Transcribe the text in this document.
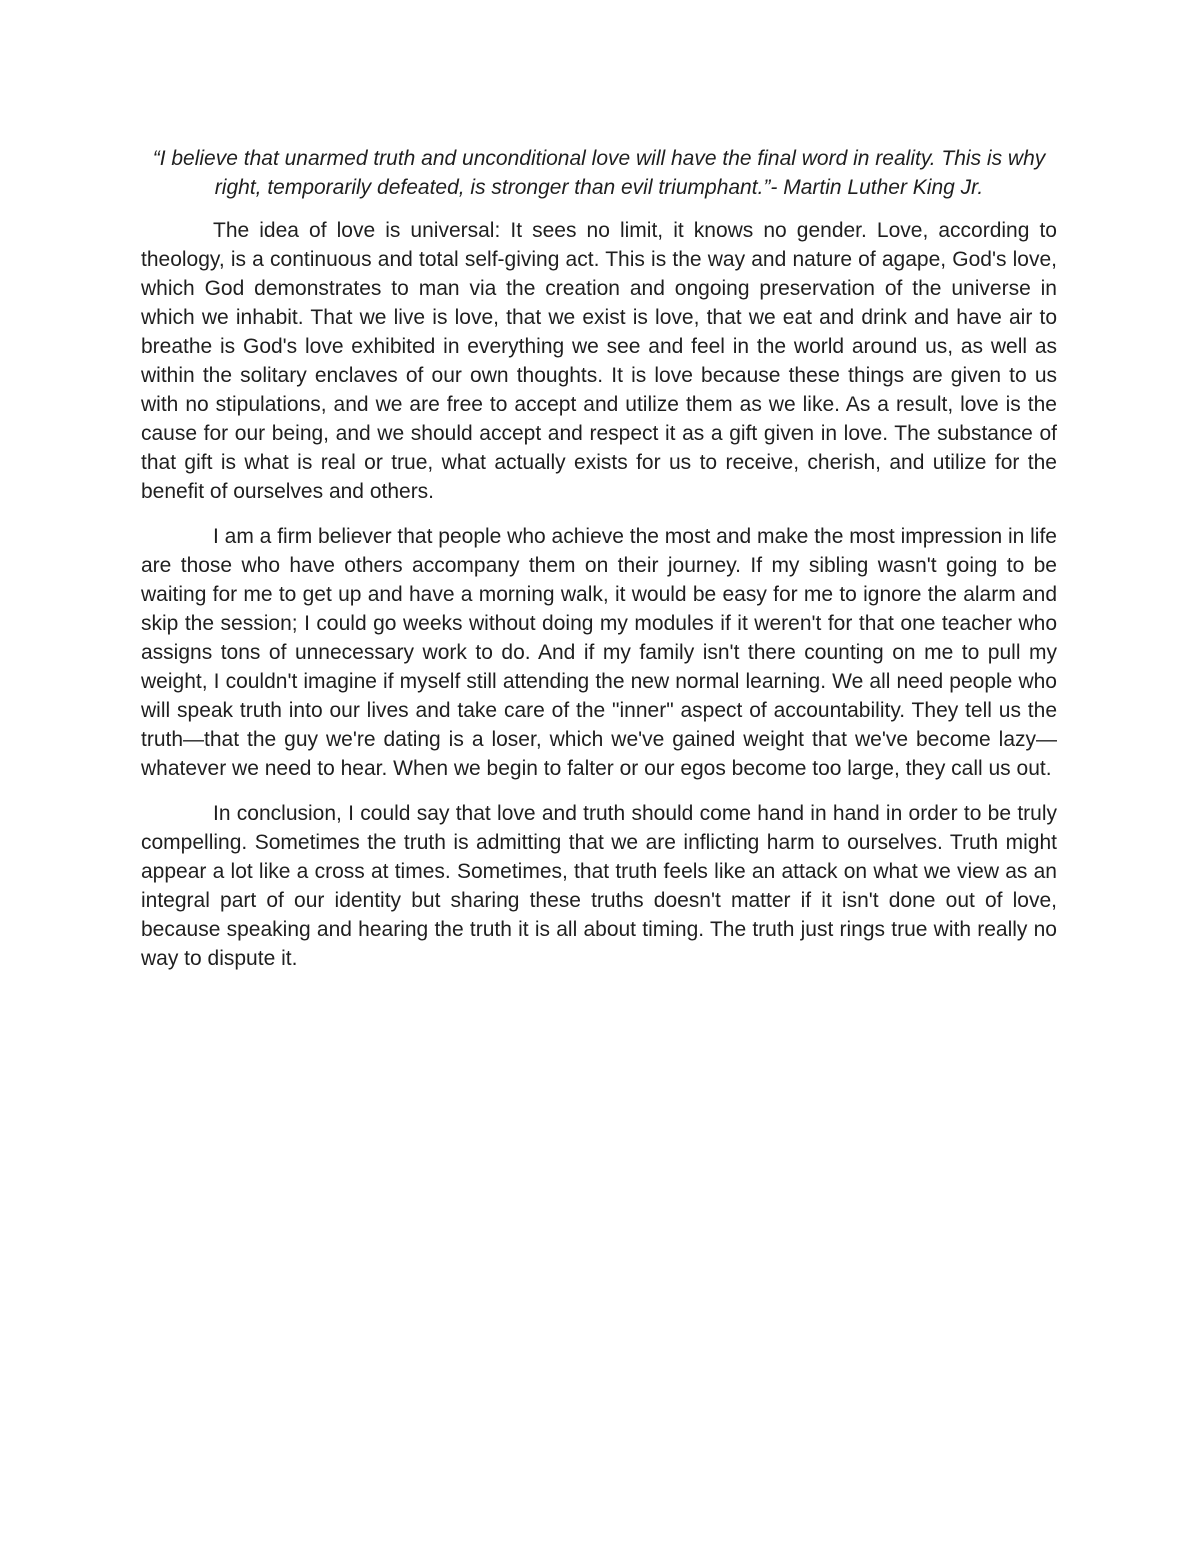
“I believe that unarmed truth and unconditional love will have the final word in reality. This is why right, temporarily defeated, is stronger than evil triumphant.”- Martin Luther King Jr.

The idea of love is universal: It sees no limit, it knows no gender. Love, according to theology, is a continuous and total self-giving act. This is the way and nature of agape, God's love, which God demonstrates to man via the creation and ongoing preservation of the universe in which we inhabit. That we live is love, that we exist is love, that we eat and drink and have air to breathe is God's love exhibited in everything we see and feel in the world around us, as well as within the solitary enclaves of our own thoughts. It is love because these things are given to us with no stipulations, and we are free to accept and utilize them as we like. As a result, love is the cause for our being, and we should accept and respect it as a gift given in love. The substance of that gift is what is real or true, what actually exists for us to receive, cherish, and utilize for the benefit of ourselves and others.

I am a firm believer that people who achieve the most and make the most impression in life are those who have others accompany them on their journey. If my sibling wasn't going to be waiting for me to get up and have a morning walk, it would be easy for me to ignore the alarm and skip the session; I could go weeks without doing my modules if it weren't for that one teacher who assigns tons of unnecessary work to do. And if my family isn't there counting on me to pull my weight, I couldn't imagine if myself still attending the new normal learning. We all need people who will speak truth into our lives and take care of the "inner" aspect of accountability. They tell us the truth—that the guy we're dating is a loser, which we've gained weight that we've become lazy—whatever we need to hear. When we begin to falter or our egos become too large, they call us out.

In conclusion, I could say that love and truth should come hand in hand in order to be truly compelling. Sometimes the truth is admitting that we are inflicting harm to ourselves. Truth might appear a lot like a cross at times. Sometimes, that truth feels like an attack on what we view as an integral part of our identity but sharing these truths doesn't matter if it isn't done out of love, because speaking and hearing the truth it is all about timing. The truth just rings true with really no way to dispute it.
